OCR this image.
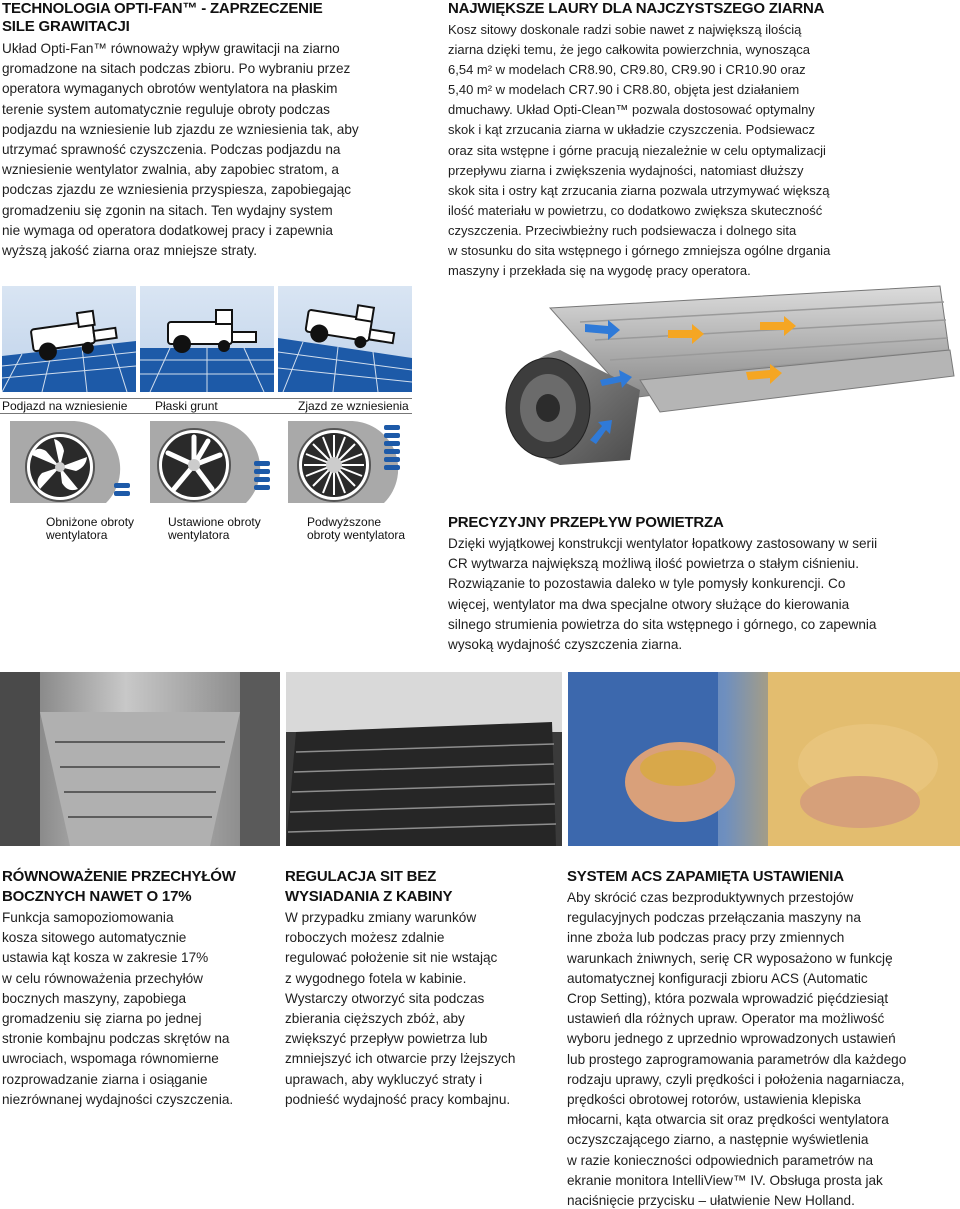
TECHNOLOGIA OPTI-FAN™ - ZAPRZECZENIE
SILE GRAWITACJI
Układ Opti-Fan™ równoważy wpływ grawitacji na ziarno
gromadzone na sitach podczas zbioru. Po wybraniu przez
operatora wymaganych obrotów wentylatora na płaskim
terenie system automatycznie reguluje obroty podczas
podjazdu na wzniesienie lub zjazdu ze wzniesienia tak, aby
utrzymać sprawność czyszczenia. Podczas podjazdu na
wzniesienie wentylator zwalnia, aby zapobiec stratom, a
podczas zjazdu ze wzniesienia przyspiesza, zapobiegając
gromadzeniu się zgonin na sitach. Ten wydajny system
nie wymaga od operatora dodatkowej pracy i zapewnia
wyższą jakość ziarna oraz mniejsze straty.
NAJWIĘKSZE LAURY DLA NAJCZYSTSZEGO ZIARNA
Kosz sitowy doskonale radzi sobie nawet z największą ilością
ziarna dzięki temu, że jego całkowita powierzchnia, wynosząca
6,54 m² w modelach CR8.90, CR9.80, CR9.90 i CR10.90 oraz
5,40 m² w modelach CR7.90 i CR8.80, objęta jest działaniem
dmuchawy. Układ Opti-Clean™ pozwala dostosować optymalny
skok i kąt zrzucania ziarna w układzie czyszczenia. Podsiewacz
oraz sita wstępne i górne pracują niezależnie w celu optymalizacji
przepływu ziarna i zwiększenia wydajności, natomiast dłuższy
skok sita i ostry kąt zrzucania ziarna pozwala utrzymywać większą
ilość materiału w powietrzu, co dodatkowo zwiększa skuteczność
czyszczenia. Przeciwbieżny ruch podsiewacza i dolnego sita
w stosunku do sita wstępnego i górnego zmniejsza ogólne drgania
maszyny i przekłada się na wygodę pracy operatora.
Podjazd na wzniesienie Płaski grunt	Zjazd ze wzniesienia
Obniżone obroty
wentylatora
Ustawione obroty
wentylatora
Podwyższone
obroty wentylatora
PRECYZYJNY PRZEPŁYW POWIETRZA
Dzięki wyjątkowej konstrukcji wentylator łopatkowy zastosowany w serii
CR wytwarza największą możliwą ilość powietrza o stałym ciśnieniu.
Rozwiązanie to pozostawia daleko w tyle pomysły konkurencji. Co
więcej, wentylator ma dwa specjalne otwory służące do kierowania
silnego strumienia powietrza do sita wstępnego i górnego, co zapewnia
wysoką wydajność czyszczenia ziarna.
RÓWNOWAŻENIE PRZECHYŁÓW
BOCZNYCH NAWET O 17%
Funkcja samopoziomowania
kosza sitowego automatycznie
ustawia kąt kosza w zakresie 17%
w celu równoważenia przechyłów
bocznych maszyny, zapobiega
gromadzeniu się ziarna po jednej
stronie kombajnu podczas skrętów na
uwrociach, wspomaga równomierne
rozprowadzanie ziarna i osiąganie
niezrównanej wydajności czyszczenia.
REGULACJA SIT BEZ
WYSIADANIA Z KABINY
W przypadku zmiany warunków
roboczych możesz zdalnie
regulować położenie sit nie wstając
z wygodnego fotela w kabinie.
Wystarczy otworzyć sita podczas
zbierania cięższych zbóż, aby
zwiększyć przepływ powietrza lub
zmniejszyć ich otwarcie przy lżejszych
uprawach, aby wykluczyć straty i
podnieść wydajność pracy kombajnu.
SYSTEM ACS ZAPAMIĘTA USTAWIENIA
Aby skrócić czas bezproduktywnych przestojów
regulacyjnych podczas przełączania maszyny na
inne zboża lub podczas pracy przy zmiennych
warunkach żniwnych, serię CR wyposażono w funkcję
automatycznej konfiguracji zbioru ACS (Automatic
Crop Setting), która pozwala wprowadzić pięćdziesiąt
ustawień dla różnych upraw. Operator ma możliwość
wyboru jednego z uprzednio wprowadzonych ustawień
lub prostego zaprogramowania parametrów dla każdego
rodzaju uprawy, czyli prędkości i położenia nagarniacza,
prędkości obrotowej rotorów, ustawienia klepiska
młocarni, kąta otwarcia sit oraz prędkości wentylatora
oczyszczającego ziarno, a następnie wyświetlenia
w razie konieczności odpowiednich parametrów na
ekranie monitora IntelliView™ IV. Obsługa prosta jak
naciśnięcie przycisku – ułatwienie New Holland.
